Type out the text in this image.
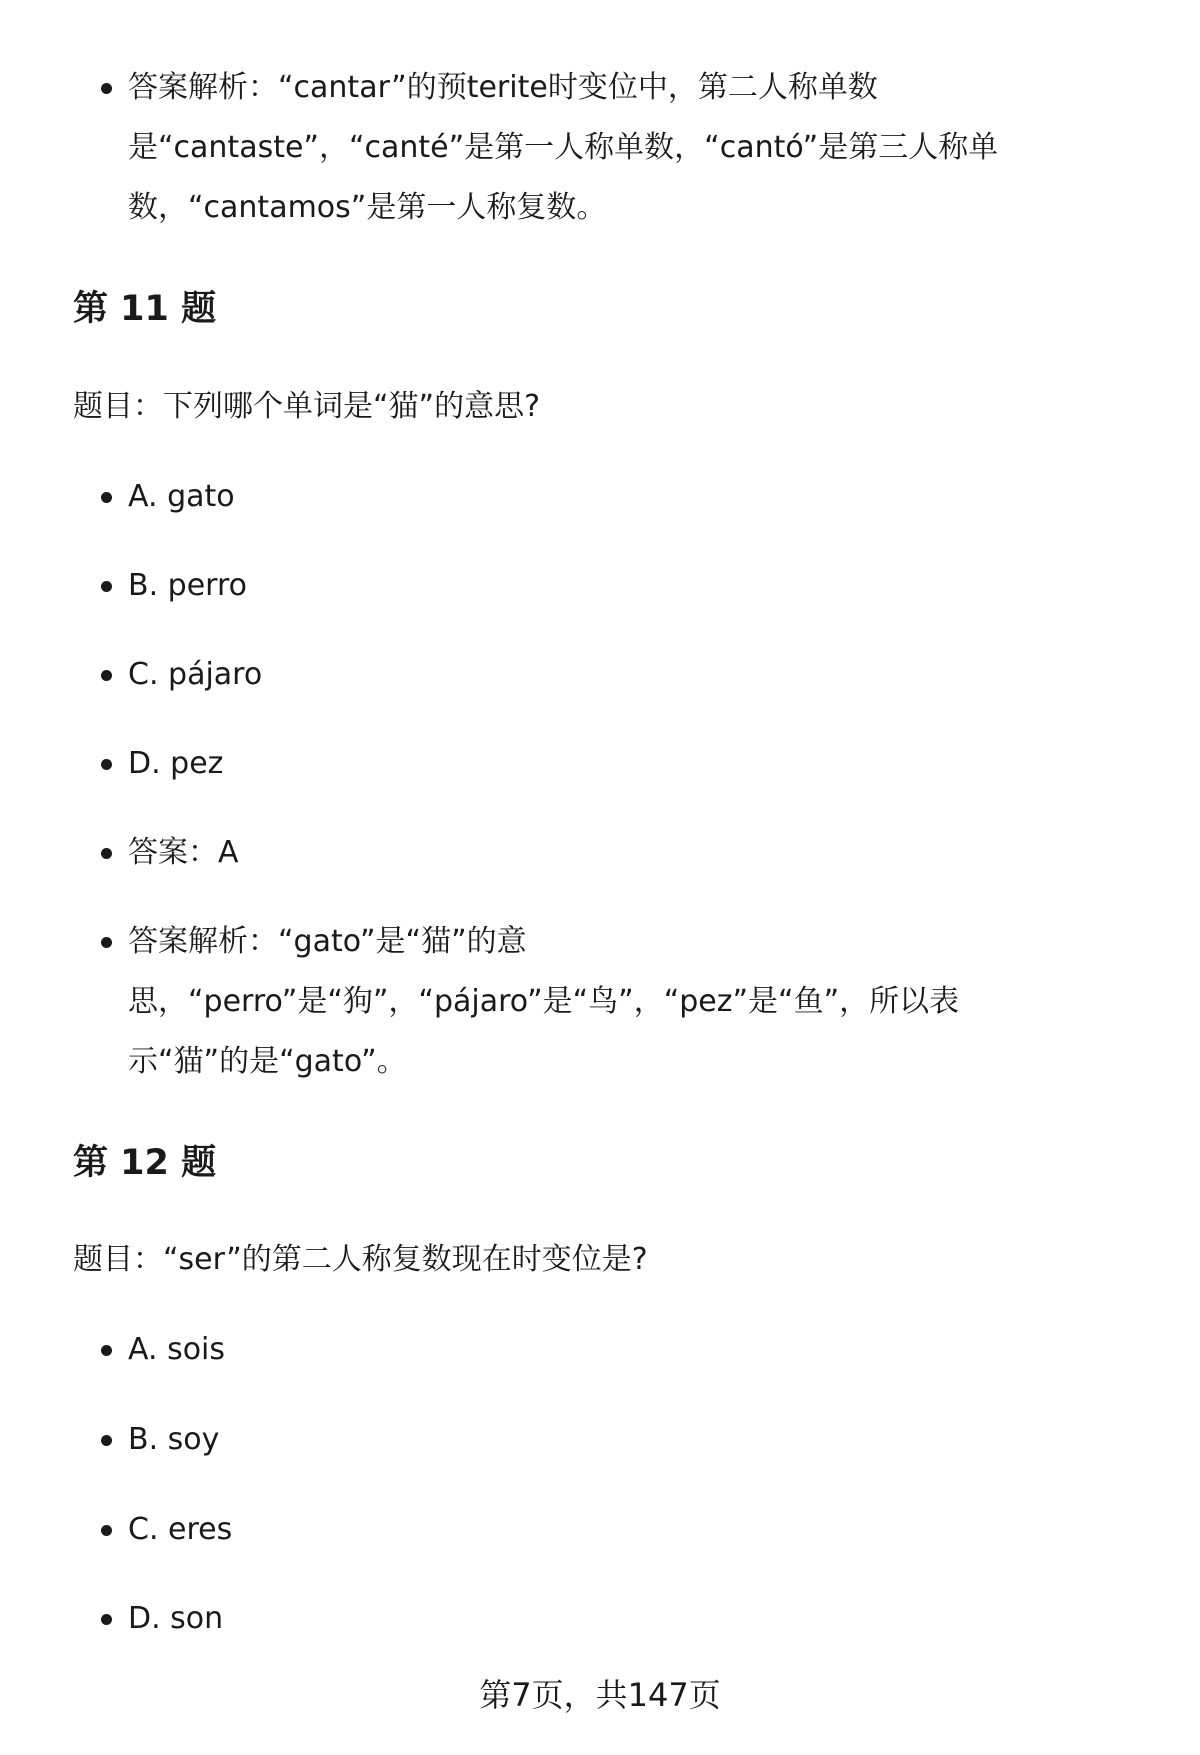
答案解析：“cantar”的预terite时变位中，第二人称单数
是“cantaste”，“canté”是第一人称单数，“cantó”是第三人称单
数，“cantamos”是第一人称复数。
第 11 题
题目：下列哪个单词是“猫”的意思?
A. gato
B. perro
C. pájaro
D. pez
答案：A
答案解析：“gato”是“猫”的意
思，“perro”是“狗”，“pájaro”是“鸟”，“pez”是“鱼”，所以表
示“猫”的是“gato”。
第 12 题
题目：“ser”的第二人称复数现在时变位是?
A. sois
B. soy
C. eres
D. son
第7页，共147页
